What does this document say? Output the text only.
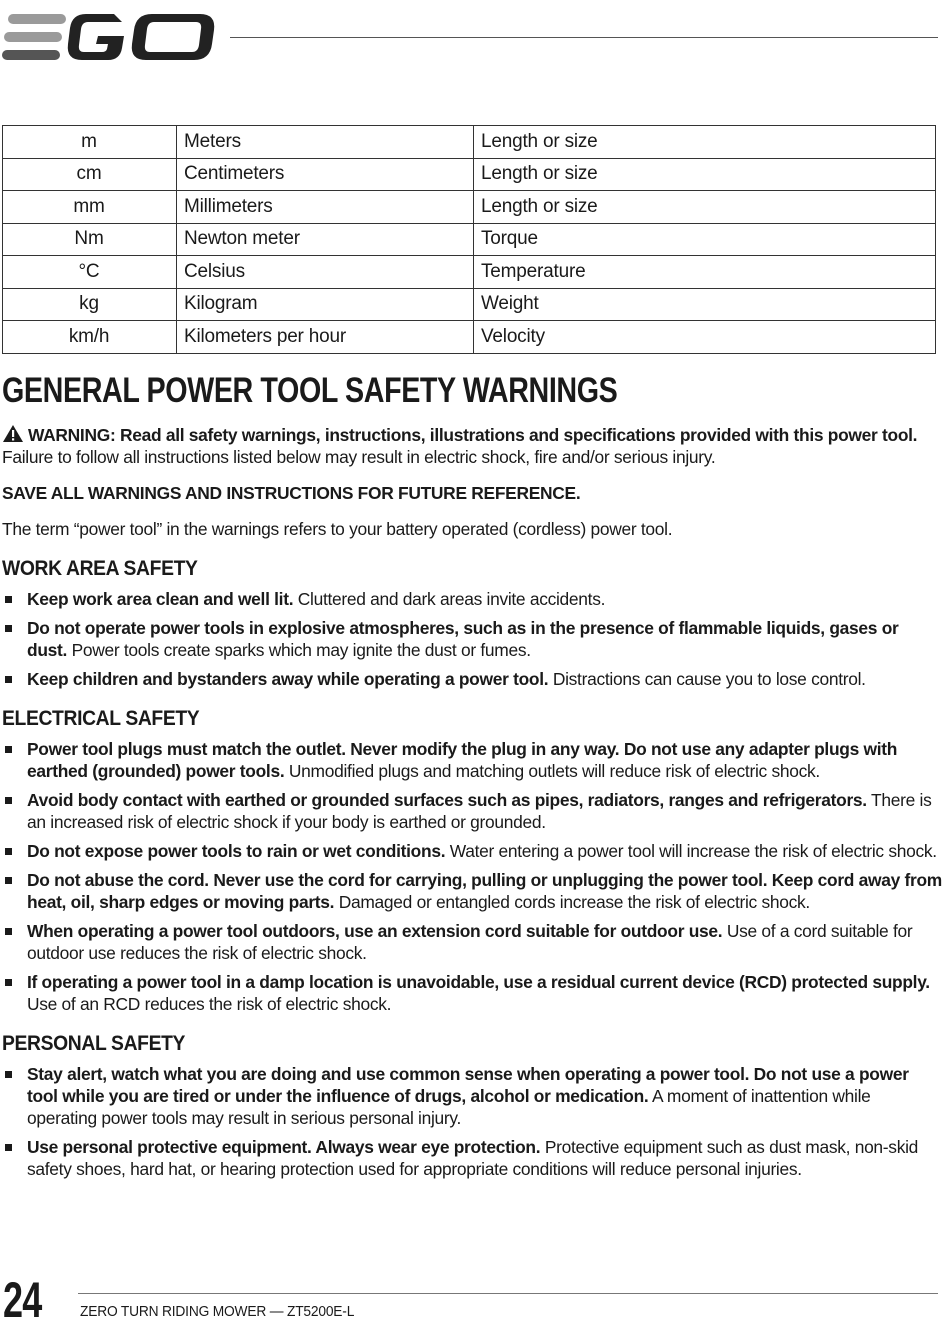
m	Meters	Length or size
cm	Centimeters	Length or size
mm	Millimeters	Length or size
Nm	Newton meter	Torque
°C	Celsius	Temperature
kg	Kilogram	Weight
km/h	Kilometers per hour	Velocity
GENERAL POWER TOOL SAFETY WARNINGS

WARNING: Read all safety warnings, instructions, illustrations and specifications provided with this power tool. Failure to follow all instructions listed below may result in electric shock, fire and/or serious injury.

SAVE ALL WARNINGS AND INSTRUCTIONS FOR FUTURE REFERENCE.

The term “power tool” in the warnings refers to your battery operated (cordless) power tool.

WORK AREA SAFETY
Keep work area clean and well lit. Cluttered and dark areas invite accidents.
Do not operate power tools in explosive atmospheres, such as in the presence of flammable liquids, gases or dust. Power tools create sparks which may ignite the dust or fumes.
Keep children and bystanders away while operating a power tool. Distractions can cause you to lose control.
ELECTRICAL SAFETY
Power tool plugs must match the outlet. Never modify the plug in any way. Do not use any adapter plugs with earthed (grounded) power tools. Unmodified plugs and matching outlets will reduce risk of electric shock.
Avoid body contact with earthed or grounded surfaces such as pipes, radiators, ranges and refrigerators. There is an increased risk of electric shock if your body is earthed or grounded.
Do not expose power tools to rain or wet conditions. Water entering a power tool will increase the risk of electric shock.
Do not abuse the cord. Never use the cord for carrying, pulling or unplugging the power tool. Keep cord away from heat, oil, sharp edges or moving parts. Damaged or entangled cords increase the risk of electric shock.
When operating a power tool outdoors, use an extension cord suitable for outdoor use. Use of a cord suitable for outdoor use reduces the risk of electric shock.
If operating a power tool in a damp location is unavoidable, use a residual current device (RCD) protected supply. Use of an RCD reduces the risk of electric shock.
PERSONAL SAFETY
Stay alert, watch what you are doing and use common sense when operating a power tool. Do not use a power tool while you are tired or under the influence of drugs, alcohol or medication. A moment of inattention while operating power tools may result in serious personal injury.
Use personal protective equipment. Always wear eye protection. Protective equipment such as dust mask, non-skid safety shoes, hard hat, or hearing protection used for appropriate conditions will reduce personal injuries.
24	ZERO TURN RIDING MOWER — ZT5200E-L
